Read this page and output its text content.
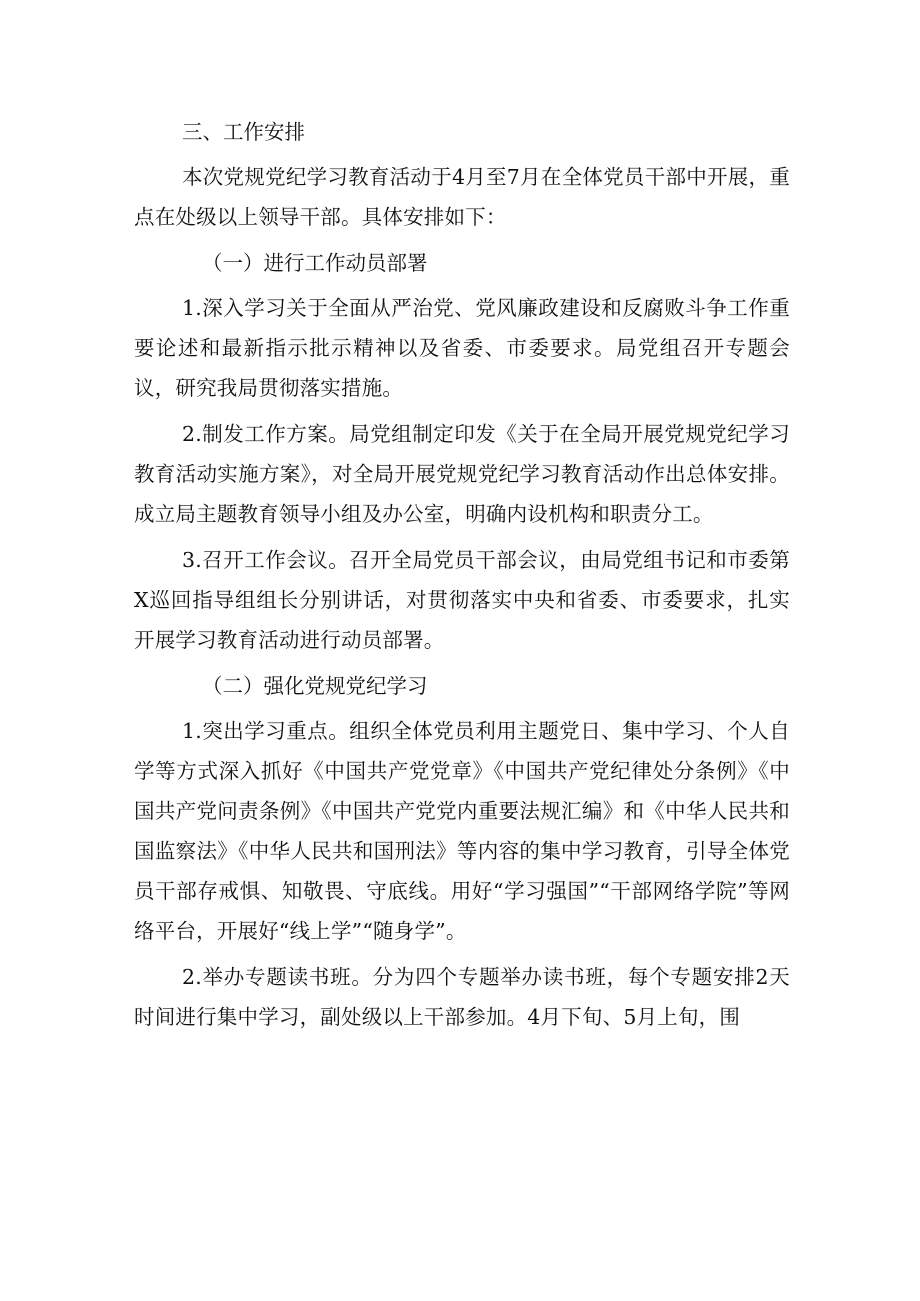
三、工作安排

本次党规党纪学习教育活动于4月至7月在全体党员干部中开展，重点在处级以上领导干部。具体安排如下：

（一）进行工作动员部署

1.深入学习关于全面从严治党、党风廉政建设和反腐败斗争工作重要论述和最新指示批示精神以及省委、市委要求。局党组召开专题会议，研究我局贯彻落实措施。

2.制发工作方案。局党组制定印发《关于在全局开展党规党纪学习教育活动实施方案》，对全局开展党规党纪学习教育活动作出总体安排。成立局主题教育领导小组及办公室，明确内设机构和职责分工。

3.召开工作会议。召开全局党员干部会议，由局党组书记和市委第X巡回指导组组长分别讲话，对贯彻落实中央和省委、市委要求，扎实开展学习教育活动进行动员部署。

（二）强化党规党纪学习

1.突出学习重点。组织全体党员利用主题党日、集中学习、个人自学等方式深入抓好《中国共产党党章》《中国共产党纪律处分条例》《中国共产党问责条例》《中国共产党党内重要法规汇编》和《中华人民共和国监察法》《中华人民共和国刑法》等内容的集中学习教育，引导全体党员干部存戒惧、知敬畏、守底线。用好“学习强国”“干部网络学院”等网络平台，开展好“线上学”“随身学”。

2.举办专题读书班。分为四个专题举办读书班，每个专题安排2天时间进行集中学习，副处级以上干部参加。4月下旬、5月上旬，围
